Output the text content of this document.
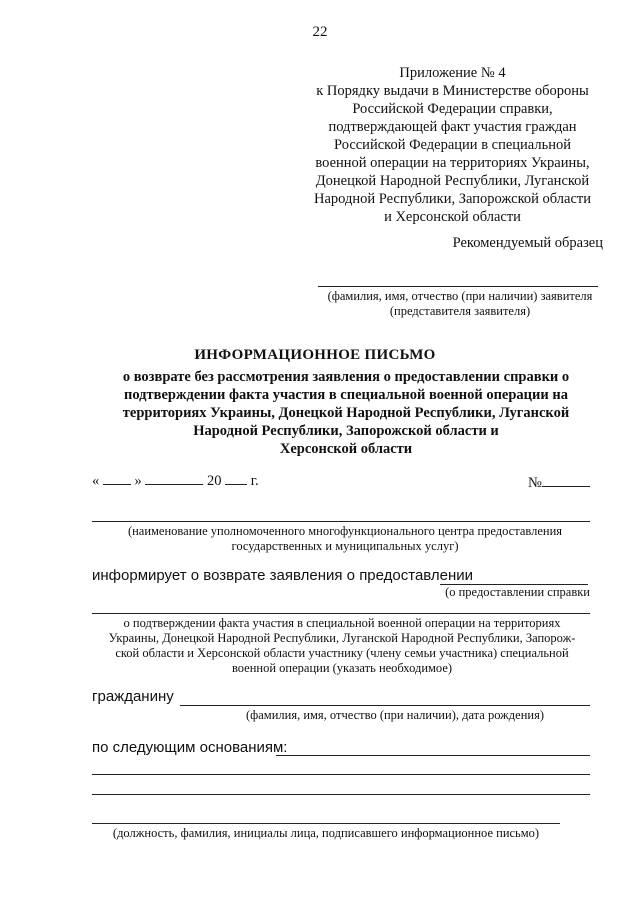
22
Приложение № 4
к Порядку выдачи в Министерстве обороны
Российской Федерации справки,
подтверждающей факт участия граждан
Российской Федерации в специальной
военной операции на территориях Украины,
Донецкой Народной Республики, Луганской
Народной Республики, Запорожской области
и Херсонской области
Рекомендуемый образец
(фамилия, имя, отчество (при наличии) заявителя
(представителя заявителя)
ИНФОРМАЦИОННОЕ ПИСЬМО
о возврате без рассмотрения заявления о предоставлении справки о
подтверждении факта участия в специальной военной операции на
территориях Украины, Донецкой Народной Республики, Луганской
Народной Республики, Запорожской области и
Херсонской области
« »	20 г.	№
(наименование уполномоченного многофункционального центра предоставления
государственных и муниципальных услуг)
информирует о возврате заявления о предоставлении
(о предоставлении справки
о подтверждении факта участия в специальной военной операции на территориях
Украины, Донецкой Народной Республики, Луганской Народной Республики, Запорож-
ской области и Херсонской области участнику (члену семьи участника) специальной
военной операции (указать необходимое)
гражданину
(фамилия, имя, отчество (при наличии), дата рождения)
по следующим основаниям:
(должность, фамилия, инициалы лица, подписавшего информационное письмо)
